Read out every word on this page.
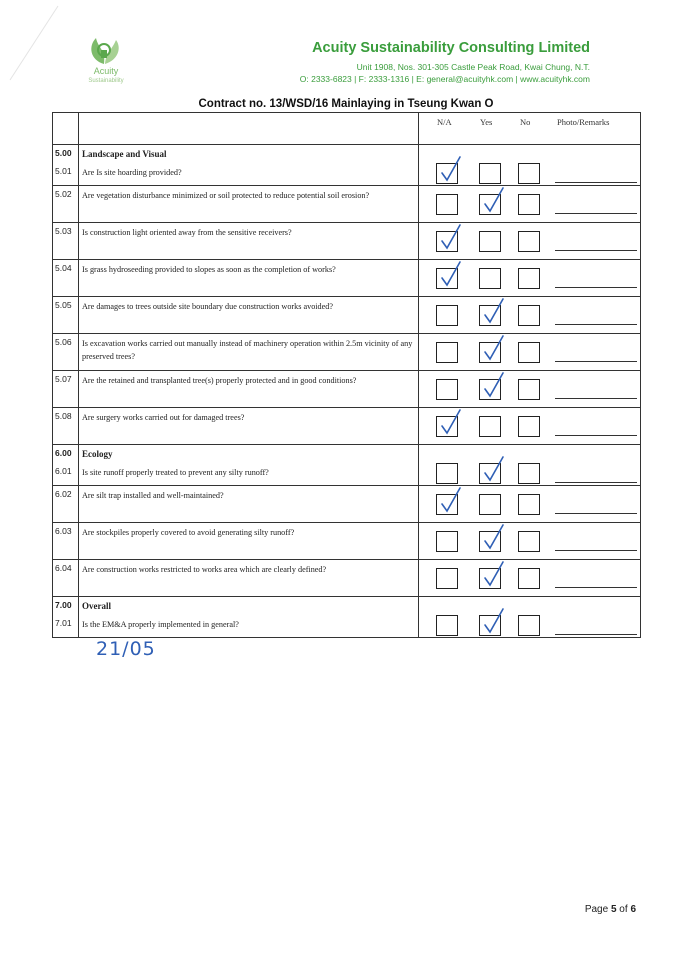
Acuity
Sustainability
Acuity Sustainability Consulting Limited
Unit 1908, Nos. 301-305 Castle Peak Road, Kwai Chung, N.T.
O: 2333-6823 | F: 2333-1316 | E: general@acuityhk.com | www.acuityhk.com
Contract no. 13/WSD/16 Mainlaying in Tseung Kwan O

		N/A Yes No Photo/Remarks

5.00	Landscape and Visual	
5.01	Are Is site hoarding provided?	

5.02	Are vegetation disturbance minimized or soil protected to reduce potential soil erosion?	

5.03	Is construction light oriented away from the sensitive receivers?	

5.04	Is grass hydroseeding provided to slopes as soon as the completion of works?	

5.05	Are damages to trees outside site boundary due construction works avoided?	

5.06	Is excavation works carried out manually instead of machinery operation within 2.5m vicinity of any preserved trees?	

5.07	Are the retained and transplanted tree(s) properly protected and in good conditions?	

5.08	Are surgery works carried out for damaged trees?	

6.00	Ecology	
6.01	Is site runoff properly treated to prevent any silty runoff?	

6.02	Are silt trap installed and well-maintained?	

6.03	Are stockpiles properly covered to avoid generating silty runoff?	

6.04	Are construction works restricted to works area which are clearly defined?	

7.00	Overall	
7.01	Is the EM&A properly implemented in general?	
21/05
Page 5 of 6
